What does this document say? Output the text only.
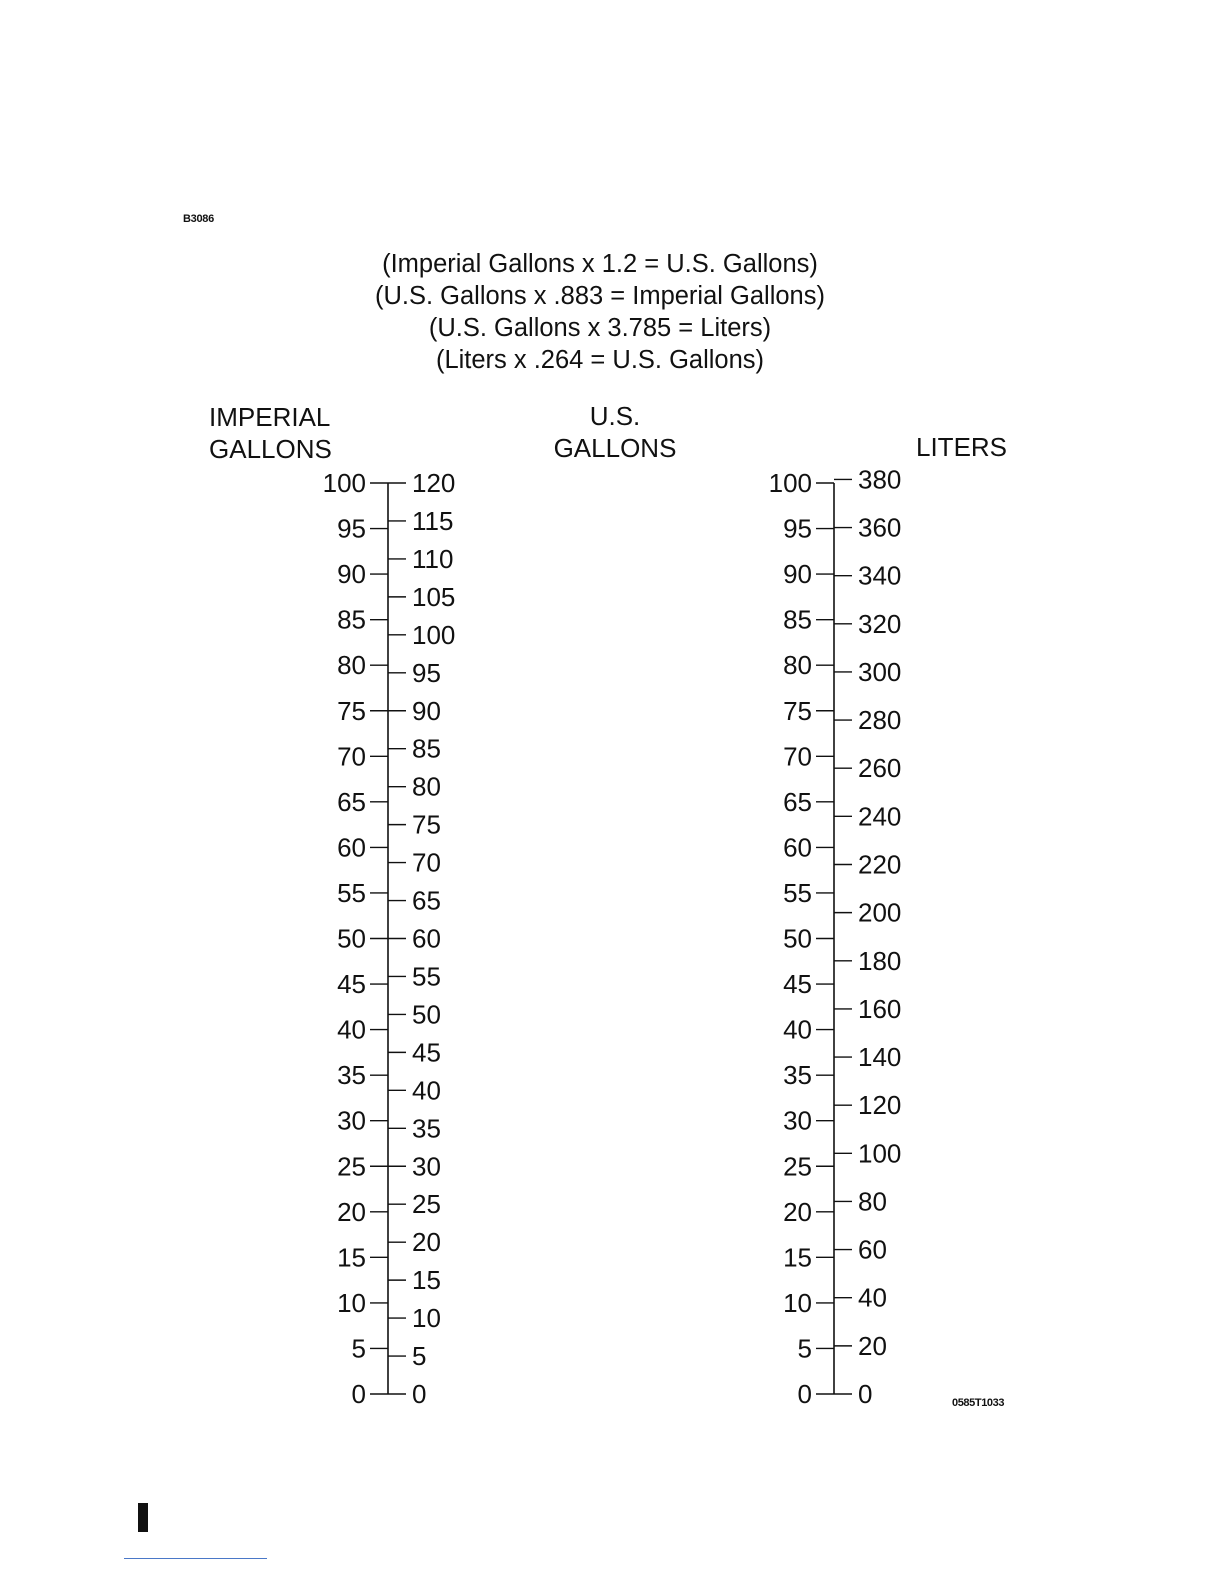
B3086
(Imperial Gallons x 1.2 = U.S. Gallons)
(U.S. Gallons x .883 = Imperial Gallons)
(U.S. Gallons x 3.785 = Liters)
(Liters x .264 = U.S. Gallons)
IMPERIAL
GALLONS
U.S.
GALLONS	LITERS
100
95
90
85
80
75
70
65
60
55
50
45
40
35
30
25
20
15
10
5
0
120
115
110
105
100
95
90
85
80
75
70
65
60
55
50
45
40
35
30
25
20
15
10
5
0
100
95
90
85
80
75
70
65
60
55
50
45
40
35
30
25
20
15
10
5
0
380
360
340
320
300
280
260
240
220
200
180
160
140
120
100
80
60
40
20
0	0585T1033
